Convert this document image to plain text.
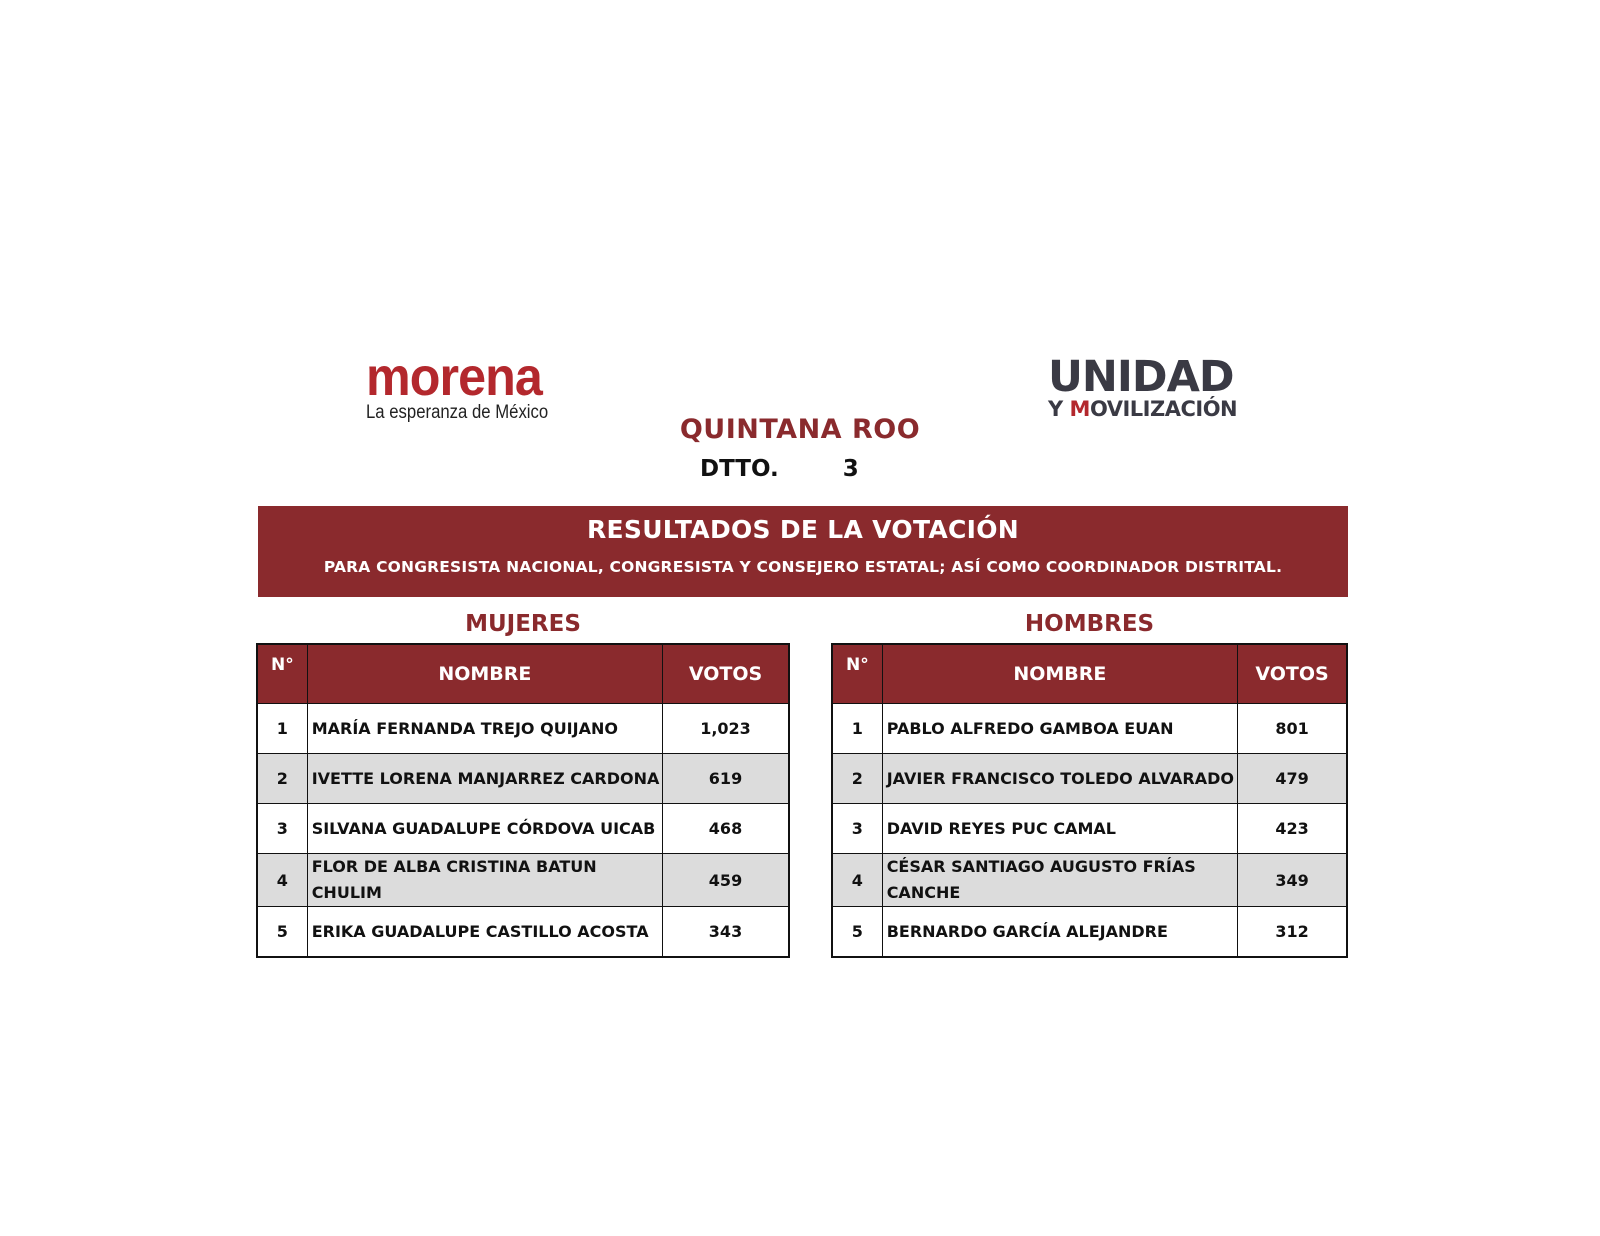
morena
La esperanza de México
UNIDAD
Y MOVILIZACIÓN
QUINTANA ROO
DTTO.	3
RESULTADOS DE LA VOTACIÓN
PARA CONGRESISTA NACIONAL, CONGRESISTA Y CONSEJERO ESTATAL; ASÍ COMO COORDINADOR DISTRITAL.
MUJERES	HOMBRES
N°	NOMBRE	VOTOS
1	MARÍA FERNANDA TREJO QUIJANO	1,023
2	IVETTE LORENA MANJARREZ CARDONA	619
3	SILVANA GUADALUPE CÓRDOVA UICAB	468
4	FLOR DE ALBA CRISTINA BATUN CHULIM	459
5	ERIKA GUADALUPE CASTILLO ACOSTA	343
N°	NOMBRE	VOTOS
1	PABLO ALFREDO GAMBOA EUAN	801
2	JAVIER FRANCISCO TOLEDO ALVARADO	479
3	DAVID REYES PUC CAMAL	423
4	CÉSAR SANTIAGO AUGUSTO FRÍAS CANCHE	349
5	BERNARDO GARCÍA ALEJANDRE	312
